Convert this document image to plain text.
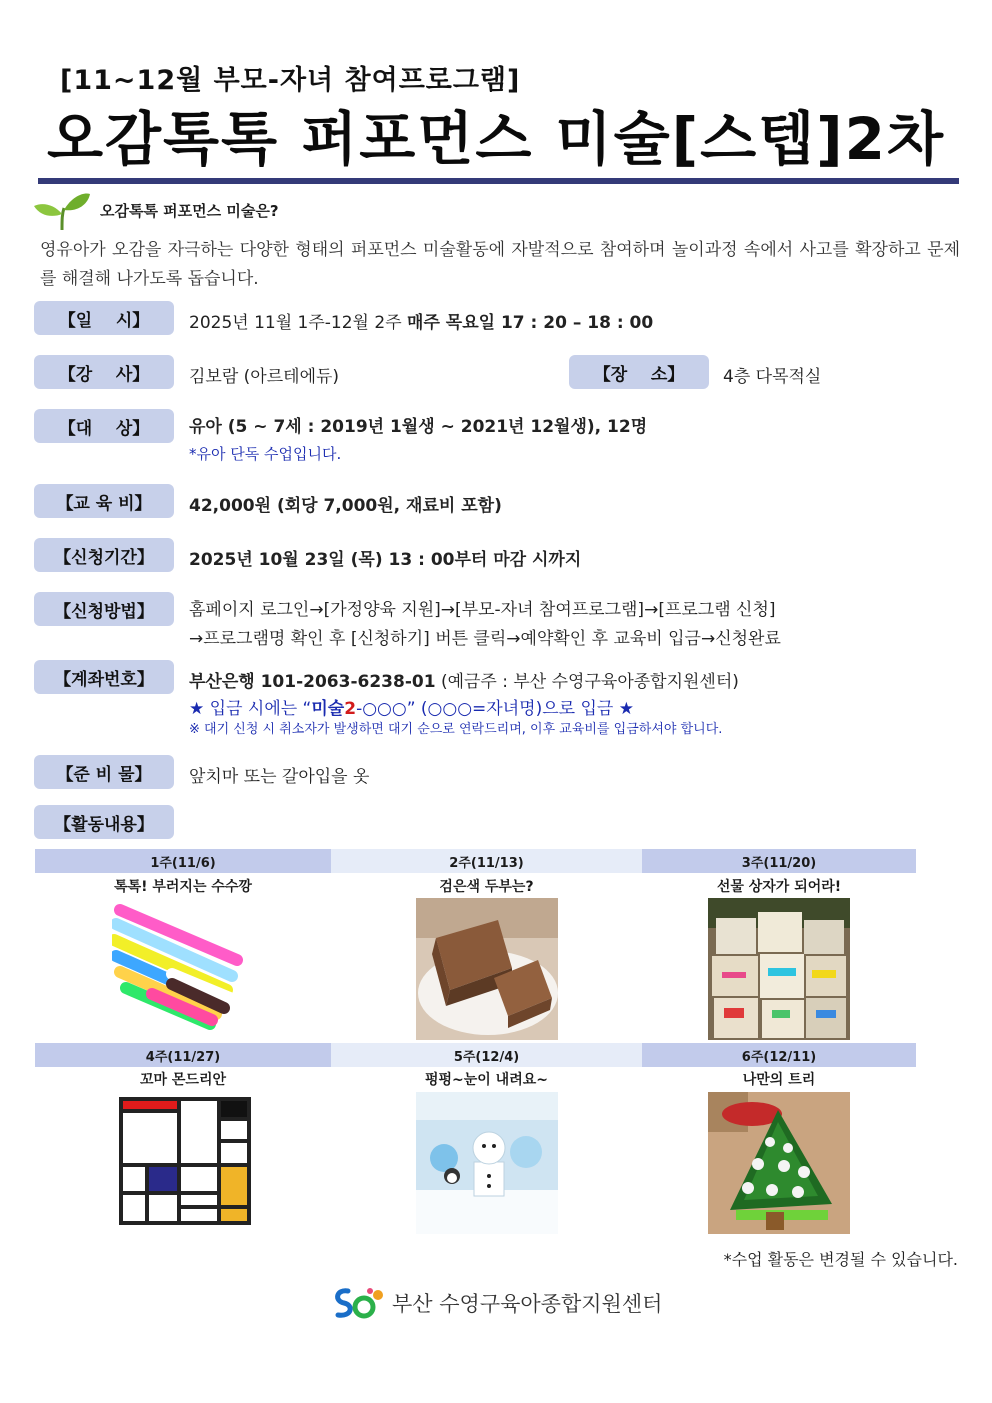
[11~12월 부모-자녀 참여프로그램]
오감톡톡 퍼포먼스 미술[스텝]2차
오감톡톡 퍼포먼스 미술은?
영유아가 오감을 자극하는 다양한 형태의 퍼포먼스 미술활동에 자발적으로 참여하며 놀이과정 속에서 사고를 확장하고 문제를 해결해 나가도록 돕습니다.
【일    시】	2025년 11월 1주-12월 2주 매주 목요일 17 : 20 – 18 : 00
【강    사】	김보람 (아르테에듀)	【장    소】	4층 다목적실
【대    상】	유아 (5 ~ 7세 : 2019년 1월생 ~ 2021년 12월생), 12명
*유아 단독 수업입니다.
【교 육 비】	42,000원 (회당 7,000원, 재료비 포함)
【신청기간】	2025년 10월 23일 (목) 13 : 00부터 마감 시까지
【신청방법】	홈페이지 로그인→[가정양육 지원]→[부모-자녀 참여프로그램]→[프로그램 신청]
→프로그램명 확인 후 [신청하기] 버튼 클릭→예약확인 후 교육비 입금→신청완료
【계좌번호】	부산은행 101-2063-6238-01 (예금주 : 부산 수영구육아종합지원센터)
★ 입금 시에는 “미술2-○○○” (○○○=자녀명)으로 입금 ★
※ 대기 신청 시 취소자가 발생하면 대기 순으로 연락드리며, 이후 교육비를 입금하셔야 합니다.
【준 비 물】	앞치마 또는 갈아입을 옷
【활동내용】
1주(11/6)	2주(11/13)	3주(11/20)
톡톡! 부러지는 수수깡	검은색 두부는?	선물 상자가 되어라!
4주(11/27)	5주(12/4)	6주(12/11)
꼬마 몬드리안	펑펑~눈이 내려요~	나만의 트리
*수업 활동은 변경될 수 있습니다.
부산 수영구육아종합지원센터
